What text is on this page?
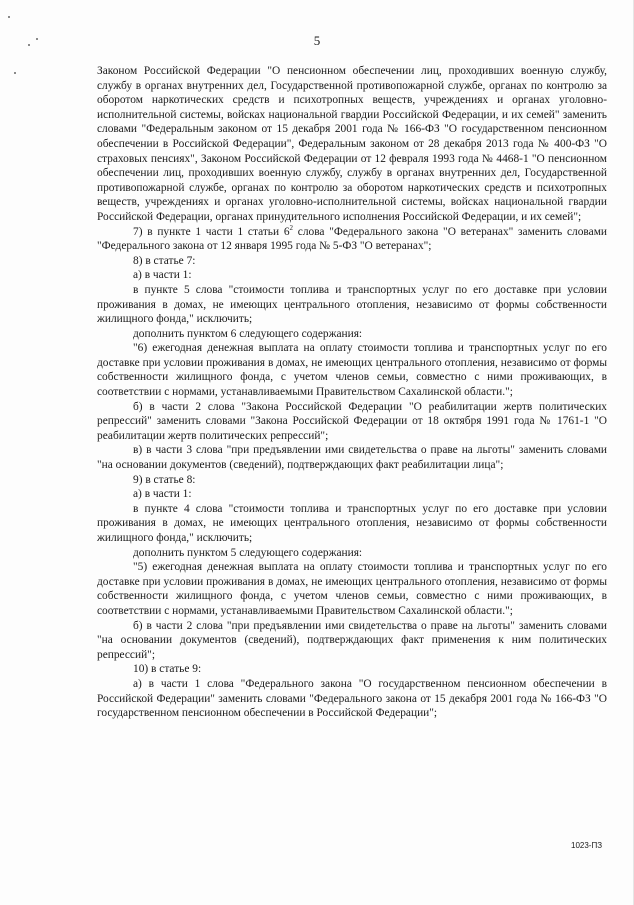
5

Законом Российской Федерации "О пенсионном обеспечении лиц, проходивших военную службу, службу в органах внутренних дел, Государственной противопожарной службе, органах по контролю за оборотом наркотических средств и психотропных веществ, учреждениях и органах уголовно-исполнительной системы, войсках национальной гвардии Российской Федерации, и их семей" заменить словами "Федеральным законом от 15 декабря 2001 года № 166-ФЗ "О государственном пенсионном обеспечении в Российской Федерации", Федеральным законом от 28 декабря 2013 года № 400-ФЗ "О страховых пенсиях", Законом Российской Федерации от 12 февраля 1993 года № 4468-1 "О пенсионном обеспечении лиц, проходивших военную службу, службу в органах внутренних дел, Государственной противопожарной службе, органах по контролю за оборотом наркотических средств и психотропных веществ, учреждениях и органах уголовно-исполнительной системы, войсках национальной гвардии Российской Федерации, органах принудительного исполнения Российской Федерации, и их семей";

7) в пункте 1 части 1 статьи $6^2$ слова "Федерального закона "О ветеранах" заменить словами "Федерального закона от 12 января 1995 года № 5-ФЗ "О ветеранах";

8) в статье 7:

а) в части 1:

в пункте 5 слова "стоимости топлива и транспортных услуг по его доставке при условии проживания в домах, не имеющих центрального отопления, независимо от формы собственности жилищного фонда," исключить;

дополнить пунктом 6 следующего содержания:

"6) ежегодная денежная выплата на оплату стоимости топлива и транспортных услуг по его доставке при условии проживания в домах, не имеющих центрального отопления, независимо от формы собственности жилищного фонда, с учетом членов семьи, совместно с ними проживающих, в соответствии с нормами, устанавливаемыми Правительством Сахалинской области.";

б) в части 2 слова "Закона Российской Федерации "О реабилитации жертв политических репрессий" заменить словами "Закона Российской Федерации от 18 октября 1991 года № 1761-1 "О реабилитации жертв политических репрессий";

в) в части 3 слова "при предъявлении ими свидетельства о праве на льготы" заменить словами "на основании документов (сведений), подтверждающих факт реабилитации лица";

9) в статье 8:

а) в части 1:

в пункте 4 слова "стоимости топлива и транспортных услуг по его доставке при условии проживания в домах, не имеющих центрального отопления, независимо от формы собственности жилищного фонда," исключить;

дополнить пунктом 5 следующего содержания:

"5) ежегодная денежная выплата на оплату стоимости топлива и транспортных услуг по его доставке при условии проживания в домах, не имеющих центрального отопления, независимо от формы собственности жилищного фонда, с учетом членов семьи, совместно с ними проживающих, в соответствии с нормами, устанавливаемыми Правительством Сахалинской области.";

б) в части 2 слова "при предъявлении ими свидетельства о праве на льготы" заменить словами "на основании документов (сведений), подтверждающих факт применения к ним политических репрессий";

10) в статье 9:

а) в части 1 слова "Федерального закона "О государственном пенсионном обеспечении в Российской Федерации" заменить словами "Федерального закона от 15 декабря 2001 года № 166-ФЗ "О государственном пенсионном обеспечении в Российской Федерации";

1023-ПЗ
